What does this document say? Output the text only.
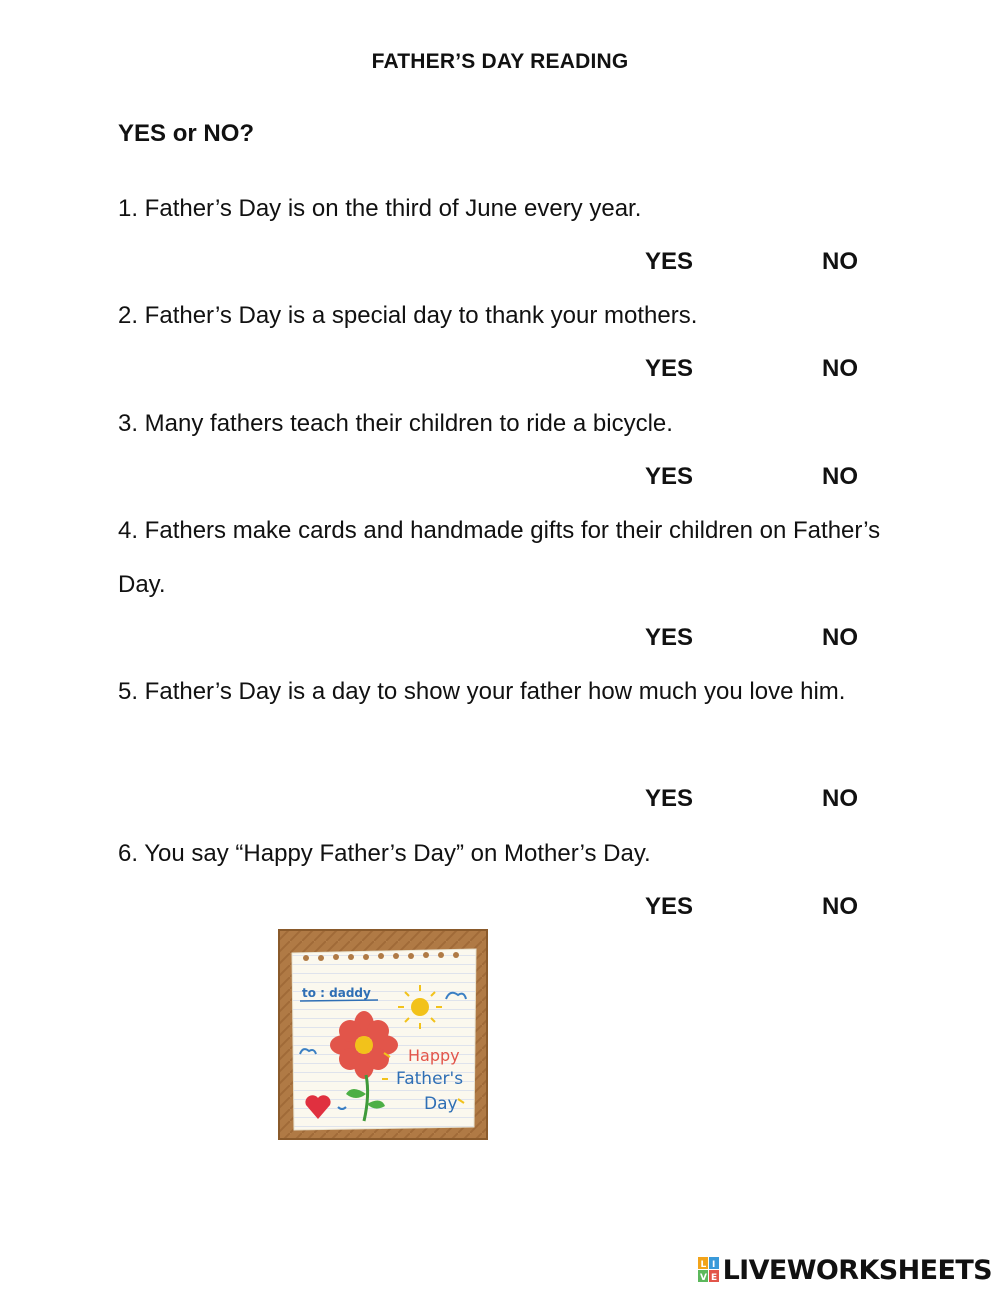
FATHER’S DAY READING
YES or NO?
1. Father’s Day is on the third of June every year.
YES	NO
2. Father’s Day is a special day to thank your mothers.
YES	NO
3. Many fathers teach their children to ride a bicycle.
YES	NO
4. Fathers make cards and handmade gifts for their children on Father’s Day.
YES	NO
5. Father’s Day is a day to show your father how much you love him.
YES	NO
6. You say “Happy Father’s Day” on Mother’s Day.
YES	NO
to : daddy
Happy
Father's
Day
L I
V E LIVEWORKSHEETS
